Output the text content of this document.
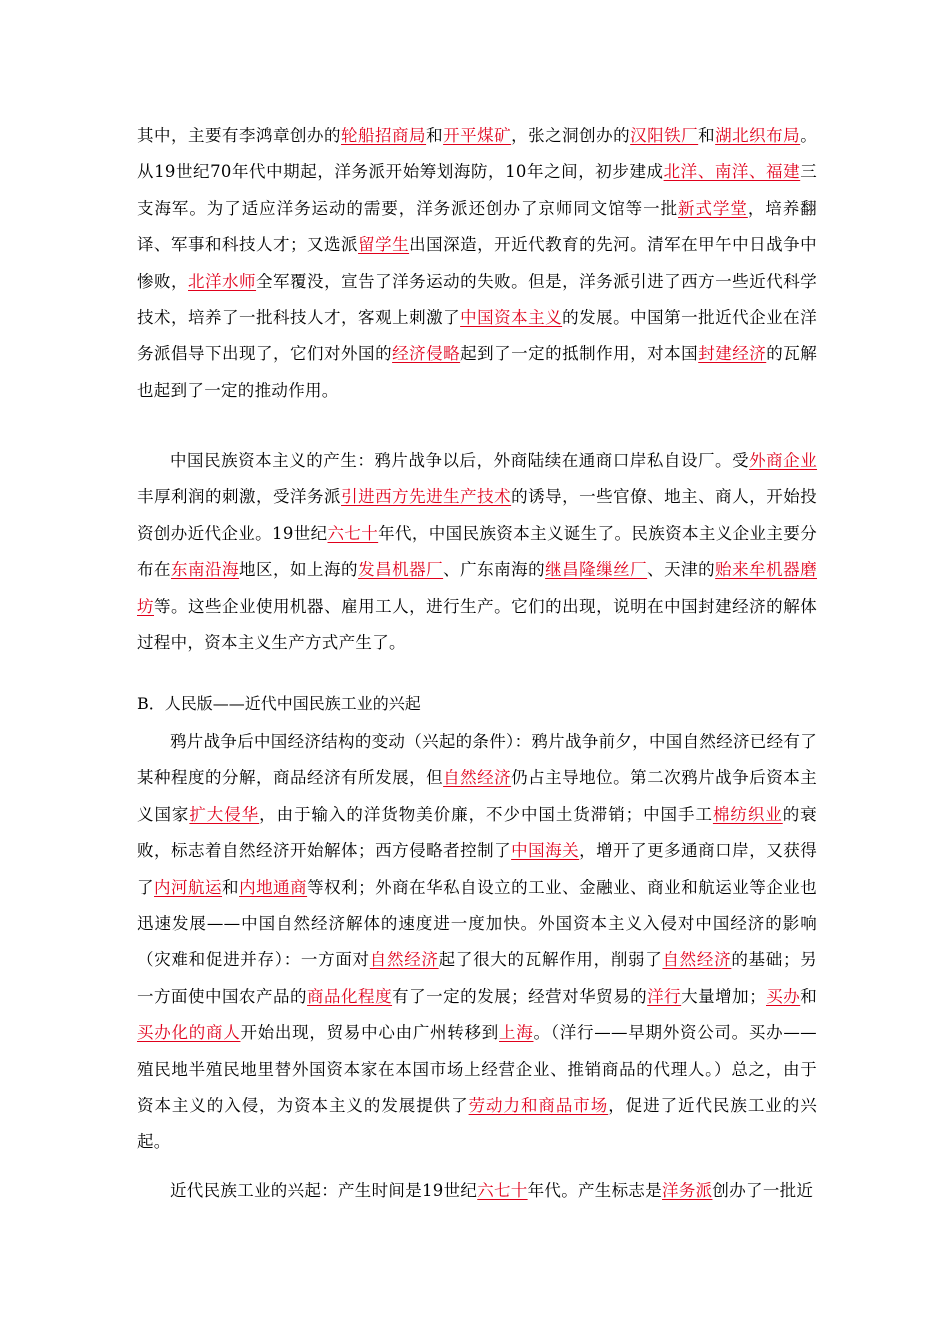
其中，主要有李鸿章创办的轮船招商局和开平煤矿，张之洞创办的汉阳铁厂和湖北织布局。从19世纪70年代中期起，洋务派开始筹划海防，10年之间，初步建成北洋、南洋、福建三支海军。为了适应洋务运动的需要，洋务派还创办了京师同文馆等一批新式学堂，培养翻译、军事和科技人才；又选派留学生出国深造，开近代教育的先河。清军在甲午中日战争中惨败，北洋水师全军覆没，宣告了洋务运动的失败。但是，洋务派引进了西方一些近代科学技术，培养了一批科技人才，客观上刺激了中国资本主义的发展。中国第一批近代企业在洋务派倡导下出现了，它们对外国的经济侵略起到了一定的抵制作用，对本国封建经济的瓦解也起到了一定的推动作用。
中国民族资本主义的产生：鸦片战争以后，外商陆续在通商口岸私自设厂。受外商企业丰厚利润的刺激，受洋务派引进西方先进生产技术的诱导，一些官僚、地主、商人，开始投资创办近代企业。19世纪六七十年代，中国民族资本主义诞生了。民族资本主义企业主要分布在东南沿海地区，如上海的发昌机器厂、广东南海的继昌隆缫丝厂、天津的贻来牟机器磨坊等。这些企业使用机器、雇用工人，进行生产。它们的出现，说明在中国封建经济的解体过程中，资本主义生产方式产生了。
B．人民版——近代中国民族工业的兴起
鸦片战争后中国经济结构的变动（兴起的条件）：鸦片战争前夕，中国自然经济已经有了某种程度的分解，商品经济有所发展，但自然经济仍占主导地位。第二次鸦片战争后资本主义国家扩大侵华，由于输入的洋货物美价廉，不少中国土货滞销；中国手工棉纺织业的衰败，标志着自然经济开始解体；西方侵略者控制了中国海关，增开了更多通商口岸，又获得了内河航运和内地通商等权利；外商在华私自设立的工业、金融业、商业和航运业等企业也迅速发展——中国自然经济解体的速度进一度加快。外国资本主义入侵对中国经济的影响（灾难和促进并存）：一方面对自然经济起了很大的瓦解作用，削弱了自然经济的基础；另一方面使中国农产品的商品化程度有了一定的发展；经营对华贸易的洋行大量增加；买办和买办化的商人开始出现，贸易中心由广州转移到上海。（洋行——早期外资公司。买办——殖民地半殖民地里替外国资本家在本国市场上经营企业、推销商品的代理人。）总之，由于资本主义的入侵，为资本主义的发展提供了劳动力和商品市场，促进了近代民族工业的兴起。
近代民族工业的兴起：产生时间是19世纪六七十年代。产生标志是洋务派创办了一批近
